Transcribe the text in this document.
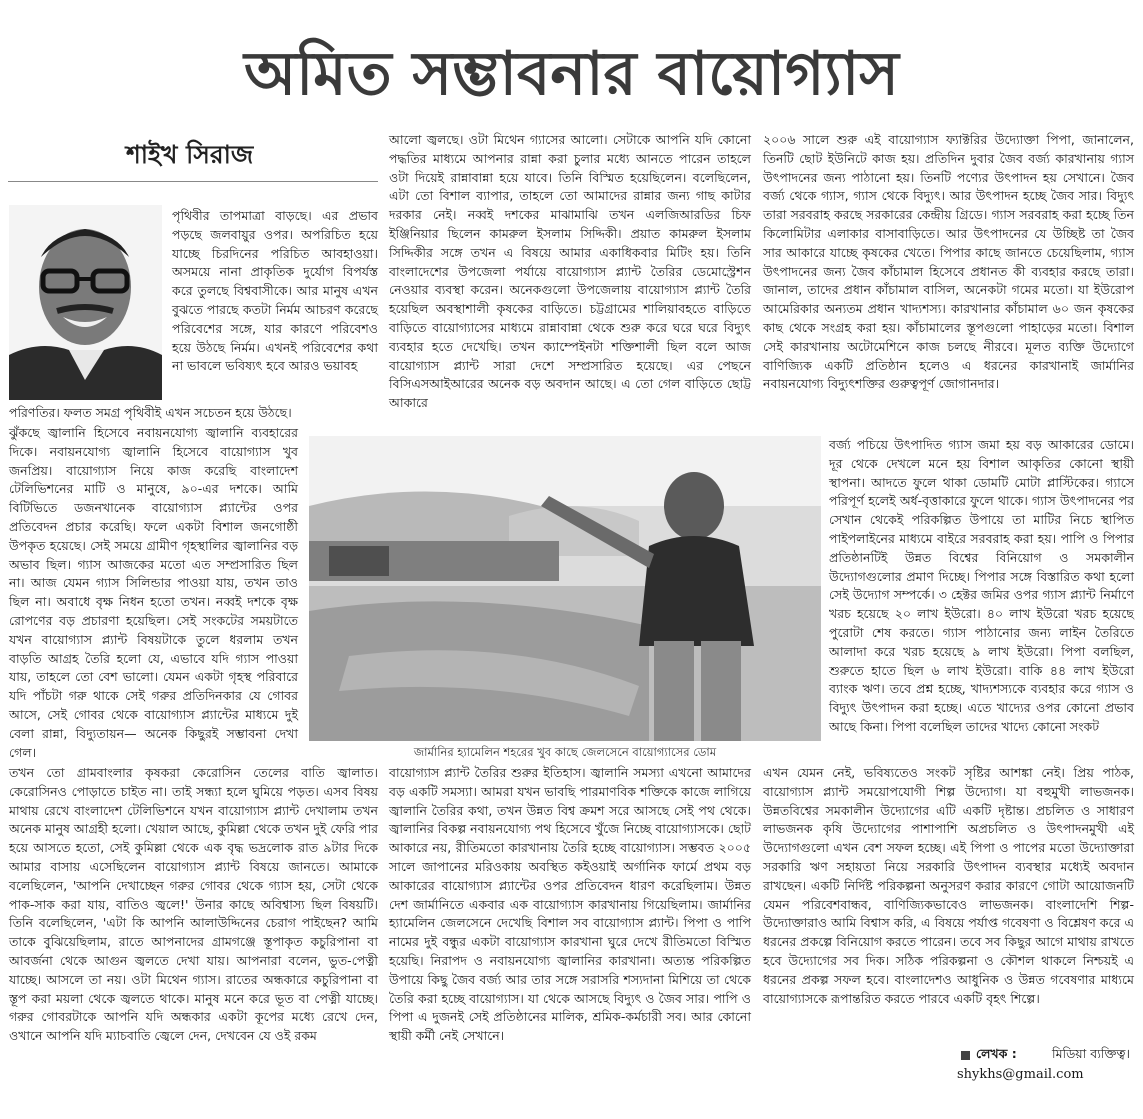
অমিত সম্ভাবনার বায়োগ্যাস
শাইখ সিরাজ
পৃথিবীর তাপমাত্রা বাড়ছে। এর প্রভাব পড়ছে জলবায়ুর ওপর। অপরিচিত হয়ে যাচ্ছে চিরদিনের পরিচিত আবহাওয়া। অসময়ে নানা প্রাকৃতিক দুর্যোগ বিপর্যস্ত করে তুলছে বিশ্ববাসীকে। আর মানুষ এখন বুঝতে পারছে কতটা নির্মম আচরণ করেছে পরিবেশের সঙ্গে, যার কারণে পরিবেশও হয়ে উঠছে নির্মম। এখনই পরিবেশের কথা না ভাবলে ভবিষ্যৎ হবে আরও ভয়াবহ
পরিণতির। ফলত সমগ্র পৃথিবীই এখন সচেতন হয়ে উঠছে।
ঝুঁকছে জ্বালানি হিসেবে নবায়নযোগ্য জ্বালানি ব্যবহারের দিকে। নবায়নযোগ্য জ্বালানি হিসেবে বায়োগ্যাস খুব জনপ্রিয়। বায়োগ্যাস নিয়ে কাজ করেছি বাংলাদেশ টেলিভিশনের মাটি ও মানুষে, ৯০-এর দশকে। আমি বিটিভিতে ডজনখানেক বায়োগ্যাস প্ল্যান্টের ওপর প্রতিবেদন প্রচার করেছি। ফলে একটা বিশাল জনগোষ্ঠী উপকৃত হয়েছে। সেই সময়ে গ্রামীণ গৃহস্থালির জ্বালানির বড় অভাব ছিল। গ্যাস আজকের মতো এত সম্প্রসারিত ছিল না। আজ যেমন গ্যাস সিলিন্ডার পাওয়া যায়, তখন তাও ছিল না। অবাধে বৃক্ষ নিধন হতো তখন। নব্বই দশকে বৃক্ষ রোপণের বড় প্রচারণা হয়েছিল। সেই সংকটের সময়টাতে যখন বায়োগ্যাস প্ল্যান্ট বিষয়টাকে তুলে ধরলাম তখন বাড়তি আগ্রহ তৈরি হলো যে, এভাবে যদি গ্যাস পাওয়া যায়, তাহলে তো বেশ ভালো। যেমন একটা গৃহস্থ পরিবারে যদি পাঁচটা গরু থাকে সেই গরুর প্রতিদিনকার যে গোবর আসে, সেই গোবর থেকে বায়োগ্যাস প্ল্যান্টের মাধ্যমে দুই বেলা রান্না, বিদ্যুতায়ন— অনেক কিছুরই সম্ভাবনা দেখা গেল।
তখন তো গ্রামবাংলার কৃষকরা কেরোসিন তেলের বাতি জ্বালাত। কেরোসিনও পোড়াতে চাইত না। তাই সন্ধ্যা হলে ঘুমিয়ে পড়ত। এসব বিষয় মাথায় রেখে বাংলাদেশ টেলিভিশনে যখন বায়োগ্যাস প্ল্যান্ট দেখালাম তখন অনেক মানুষ আগ্রহী হলো। খেয়াল আছে, কুমিল্লা থেকে তখন দুই ফেরি পার হয়ে আসতে হতো, সেই কুমিল্লা থেকে এক বৃদ্ধ ভদ্রলোক রাত ৯টার দিকে আমার বাসায় এসেছিলেন বায়োগ্যাস প্ল্যান্ট বিষয়ে জানতে। আমাকে বলেছিলেন, 'আপনি দেখাচ্ছেন গরুর গোবর থেকে গ্যাস হয়, সেটা থেকে পাক-সাক করা যায়, বাতিও জ্বলে!' উনার কাছে অবিশ্বাস্য ছিল বিষয়টি। তিনি বলেছিলেন, 'এটা কি আপনি আলাউদ্দিনের চেরাগ পাইছেন? আমি তাকে বুঝিয়েছিলাম, রাতে আপনাদের গ্রামগঞ্জে স্তূপাকৃত কচুরিপানা বা আবর্জনা থেকে আগুন জ্বলতে দেখা যায়। আপনারা বলেন, ভুত-পেত্নী যাচ্ছে। আসলে তা নয়। ওটা মিথেন গ্যাস। রাতের অন্ধকারে কচুরিপানা বা স্তূপ করা ময়লা থেকে জ্বলতে থাকে। মানুষ মনে করে ভূত বা পেত্নী যাচ্ছে। গরুর গোবরটাকে আপনি যদি অন্ধকার একটা কূপের মধ্যে রেখে দেন, ওখানে আপনি যদি ম্যাচবাতি জ্বেলে দেন, দেখবেন যে ওই রকম
আলো জ্বলছে। ওটা মিথেন গ্যাসের আলো। সেটাকে আপনি যদি কোনো পদ্ধতির মাধ্যমে আপনার রান্না করা চুলার মধ্যে আনতে পারেন তাহলে ওটা দিয়েই রান্নাবান্না হয়ে যাবে। তিনি বিস্মিত হয়েছিলেন। বলেছিলেন, এটা তো বিশাল ব্যাপার, তাহলে তো আমাদের রান্নার জন্য গাছ কাটার দরকার নেই। নব্বই দশকের মাঝামাঝি তখন এলজিআরডির চিফ ইঞ্জিনিয়ার ছিলেন কামরুল ইসলাম সিদ্দিকী। প্রয়াত কামরুল ইসলাম সিদ্দিকীর সঙ্গে তখন এ বিষয়ে আমার একাধিকবার মিটিং হয়। তিনি বাংলাদেশের উপজেলা পর্যায়ে বায়োগ্যাস প্ল্যান্ট তৈরির ডেমোস্ট্রেশন নেওয়ার ব্যবস্থা করেন। অনেকগুলো উপজেলায় বায়োগ্যাস প্ল্যান্ট তৈরি হয়েছিল অবস্থাশালী কৃষকের বাড়িতে। চট্টগ্রামের শালিয়াবহতে বাড়িতে বাড়িতে বায়োগ্যাসের মাধ্যমে রান্নাবান্না থেকে শুরু করে ঘরে ঘরে বিদ্যুৎ ব্যবহার হতে দেখেছি। তখন ক্যাম্পেইনটা শক্তিশালী ছিল বলে আজ বায়োগ্যাস প্ল্যান্ট সারা দেশে সম্প্রসারিত হয়েছে। এর পেছনে বিসিএসআইআরের অনেক বড় অবদান আছে। এ তো গেল বাড়িতে ছোট্ট আকারে
বায়োগ্যাস প্ল্যান্ট তৈরির শুরুর ইতিহাস। জ্বালানি সমস্যা এখনো আমাদের বড় একটি সমস্যা। আমরা যখন ভাবছি পারমাণবিক শক্তিকে কাজে লাগিয়ে জ্বালানি তৈরির কথা, তখন উন্নত বিশ্ব ক্রমশ সরে আসছে সেই পথ থেকে। জ্বালানির বিকল্প নবায়নযোগ্য পথ হিসেবে খুঁজে নিচ্ছে বায়োগ্যাসকে। ছোট আকারে নয়, রীতিমতো কারখানায় তৈরি হচ্ছে বায়োগ্যাস। সম্ভবত ২০০৫ সালে জাপানের মরিওকায় অবস্থিত কইওয়াই অর্গানিক ফার্মে প্রথম বড় আকারের বায়োগ্যাস প্ল্যান্টের ওপর প্রতিবেদন ধারণ করেছিলাম। উন্নত দেশ জার্মানিতে একবার এক বায়োগ্যাস কারখানায় গিয়েছিলাম। জার্মানির হ্যামেলিন জেলসেনে দেখেছি বিশাল সব বায়োগ্যাস প্ল্যান্ট। পিপা ও পাপি নামের দুই বন্ধুর একটা বায়োগ্যাস কারখানা ঘুরে দেখে রীতিমতো বিস্মিত হয়েছি। নিরাপদ ও নবায়নযোগ্য জ্বালানির কারখানা। অত্যন্ত পরিকল্পিত উপায়ে কিছু জৈব বর্জ্য আর তার সঙ্গে সরাসরি শস্যদানা মিশিয়ে তা থেকে তৈরি করা হচ্ছে বায়োগ্যাস। যা থেকে আসছে বিদ্যুৎ ও জৈব সার। পাপি ও পিপা এ দুজনই সেই প্রতিষ্ঠানের মালিক, শ্রমিক-কর্মচারী সব। আর কোনো স্থায়ী কর্মী নেই সেখানে।
২০০৬ সালে শুরু এই বায়োগ্যাস ফ্যাক্টরির উদ্যোক্তা পিপা, জানালেন, তিনটি ছোট ইউনিটে কাজ হয়। প্রতিদিন দুবার জৈব বর্জ্য কারখানায় গ্যাস উৎপাদনের জন্য পাঠানো হয়। তিনটি পণ্যের উৎপাদন হয় সেখানে। জৈব বর্জ্য থেকে গ্যাস, গ্যাস থেকে বিদ্যুৎ। আর উৎপাদন হচ্ছে জৈব সার। বিদ্যুৎ তারা সরবরাহ করছে সরকারের কেন্দ্রীয় গ্রিডে। গ্যাস সরবরাহ করা হচ্ছে তিন কিলোমিটার এলাকার বাসাবাড়িতে। আর উৎপাদনের যে উচ্ছিষ্ট তা জৈব সার আকারে যাচ্ছে কৃষকের খেতে। পিপার কাছে জানতে চেয়েছিলাম, গ্যাস উৎপাদনের জন্য জৈব কাঁচামাল হিসেবে প্রধানত কী ব্যবহার করছে তারা। জানাল, তাদের প্রধান কাঁচামাল বাসিল, অনেকটা গমের মতো। যা ইউরোপ আমেরিকার অন্যতম প্রধান খাদ্যশস্য। কারখানার কাঁচামাল ৬০ জন কৃষকের কাছ থেকে সংগ্রহ করা হয়। কাঁচামালের স্তূপগুলো পাহাড়ের মতো। বিশাল সেই কারখানায় অটোমেশিনে কাজ চলছে নীরবে। মূলত ব্যক্তি উদ্যোগে বাণিজ্যিক একটি প্রতিষ্ঠান হলেও এ ধরনের কারখানাই জার্মানির নবায়নযোগ্য বিদ্যুৎশক্তির গুরুত্বপূর্ণ জোগানদার।
বর্জ্য পচিয়ে উৎপাদিত গ্যাস জমা হয় বড় আকারের ডোমে। দূর থেকে দেখলে মনে হয় বিশাল আকৃতির কোনো স্থায়ী স্থাপনা। আদতে ফুলে থাকা ডোমটি মোটা প্লাস্টিকের। গ্যাসে পরিপূর্ণ হলেই অর্ধ-বৃত্তাকারে ফুলে থাকে। গ্যাস উৎপাদনের পর সেখান থেকেই পরিকল্পিত উপায়ে তা মাটির নিচে স্থাপিত পাইপলাইনের মাধ্যমে বাইরে সরবরাহ করা হয়। পাপি ও পিপার প্রতিষ্ঠানটিই উন্নত বিশ্বের বিনিয়োগ ও সমকালীন উদ্যোগগুলোর প্রমাণ দিচ্ছে। পিপার সঙ্গে বিস্তারিত কথা হলো সেই উদ্যোগ সম্পর্কে। ৩ হেক্টর জমির ওপর গ্যাস প্ল্যান্ট নির্মাণে খরচ হয়েছে ২০ লাখ ইউরো। ৪০ লাখ ইউরো খরচ হয়েছে পুরোটা শেষ করতে। গ্যাস পাঠানোর জন্য লাইন তৈরিতে আলাদা করে খরচ হয়েছে ৯ লাখ ইউরো। পিপা বলছিল, শুরুতে হাতে ছিল ৬ লাখ ইউরো। বাকি ৪৪ লাখ ইউরো ব্যাংক ঋণ। তবে প্রশ্ন হচ্ছে, খাদ্যশস্যকে ব্যবহার করে গ্যাস ও বিদ্যুৎ উৎপাদন করা হচ্ছে। এতে খাদ্যের ওপর কোনো প্রভাব আছে কিনা। পিপা বলেছিল তাদের খাদ্যে কোনো সংকট
এখন যেমন নেই, ভবিষ্যতেও সংকট সৃষ্টির আশঙ্কা নেই। প্রিয় পাঠক, বায়োগ্যাস প্ল্যান্ট সময়োপযোগী শিল্প উদ্যোগ। যা বহুমুখী লাভজনক। উন্নতবিশ্বের সমকালীন উদ্যোগের এটি একটি দৃষ্টান্ত। প্রচলিত ও সাধারণ লাভজনক কৃষি উদ্যোগের পাশাপাশি অপ্রচলিত ও উৎপাদনমুখী এই উদ্যোগগুলো এখন বেশ সফল হচ্ছে। এই পিপা ও পাপের মতো উদ্যোক্তারা সরকারি ঋণ সহায়তা নিয়ে সরকারি উৎপাদন ব্যবস্থার মধ্যেই অবদান রাখছেন। একটি নির্দিষ্ট পরিকল্পনা অনুসরণ করার কারণে গোটা আয়োজনটি যেমন পরিবেশবান্ধব, বাণিজ্যিকভাবেও লাভজনক। বাংলাদেশি শিল্প-উদ্যোক্তারাও আমি বিশ্বাস করি, এ বিষয়ে পর্যাপ্ত গবেষণা ও বিশ্লেষণ করে এ ধরনের প্রকল্পে বিনিয়োগ করতে পারেন। তবে সব কিছুর আগে মাথায় রাখতে হবে উদ্যোগের সব দিক। সঠিক পরিকল্পনা ও কৌশল থাকলে নিশ্চয়ই এ ধরনের প্রকল্প সফল হবে। বাংলাদেশও আধুনিক ও উন্নত গবেষণার মাধ্যমে বায়োগ্যাসকে রূপান্তরিত করতে পারবে একটি বৃহৎ শিল্পে।
জার্মানির হ্যামেলিন শহরের খুব কাছে জেলসেনে বায়োগ্যাসের ডোম
লেখক :	মিডিয়া ব্যক্তিত্ব।
shykhs@gmail.com
